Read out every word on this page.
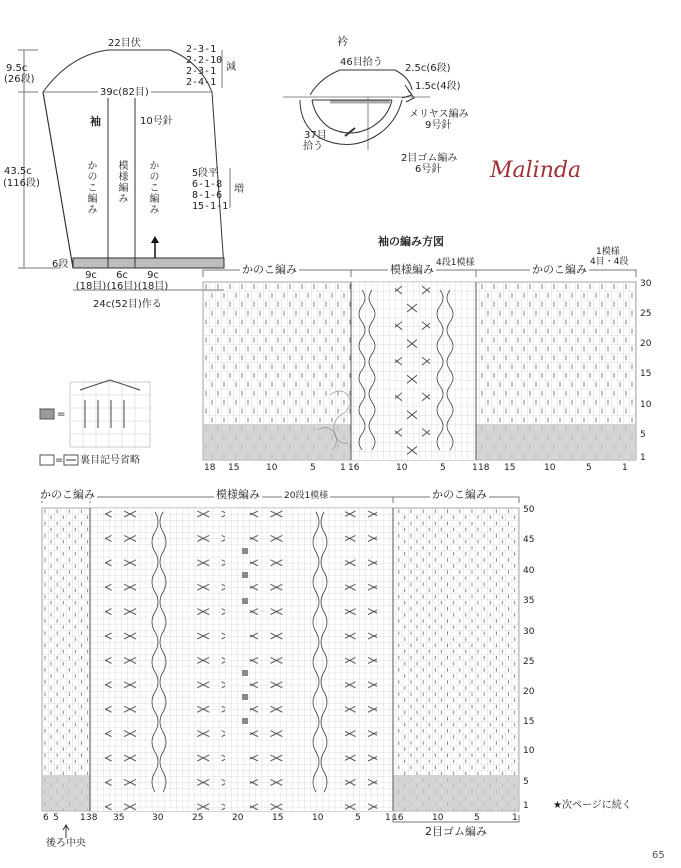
22目伏
9.5c
(26段)
43.5c
(116段)
39c(82目)
袖	10号針
2-3-1
2-2-10
2-3-1
2-4-1
減
5段平
6-1-8
8-1-6
15-1-1
増
かのこ編み 模様編み かのこ編み
6段
9c	6c	9c
(18目) (16目) (18目)
24c(52目)作る
衿
46目拾う
2.5c(6段)
1.5c(4段)
メリヤス編み
9号針
37目
拾う
2目ゴム編み
6号針 Malinda
=
= 裏目記号省略
袖の編み方図
かのこ編み	模様編み 4段1模様	かのこ編み
1模様
4目・4段
30
25
20
15
10
5
1
18 15	10	5	1 16	10	5	1 18 15	10	5	1
かのこ編み	模様編み	20段1模様	かのこ編み
50
45
40
35
30
25
20
15
10
5
1
6 5 1 38 35	30	25	20	15	10	5	1 16	10	5	1
後ろ中央
2目ゴム編み
★次ページに続く
65
